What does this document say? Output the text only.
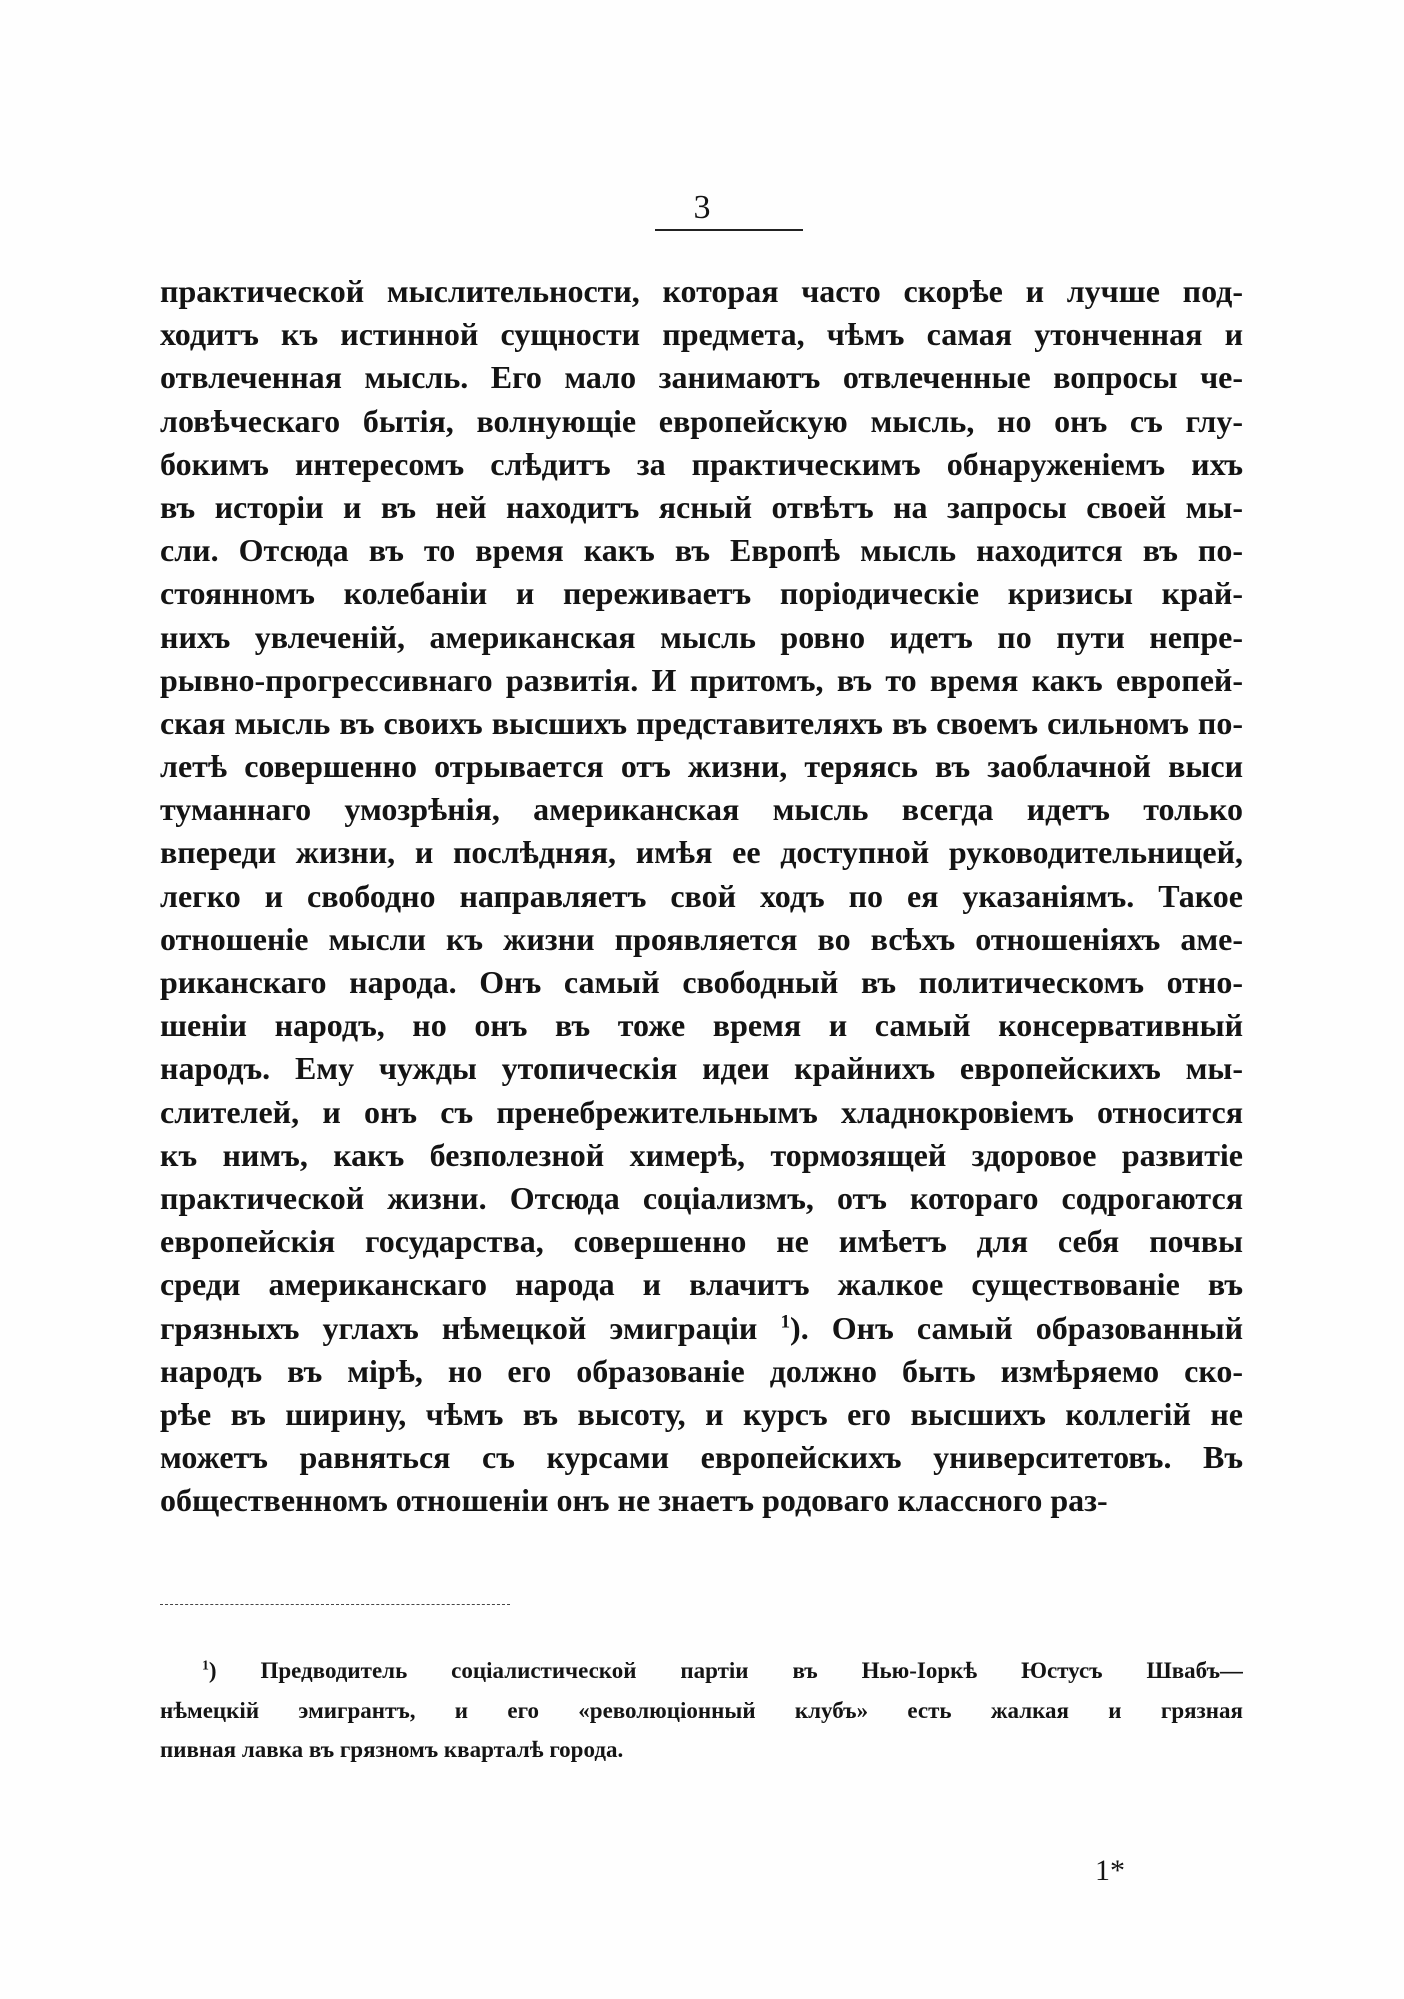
3
практической мыслительности, которая часто скорѣе и лучше под-
ходитъ къ истинной сущности предмета, чѣмъ самая утонченная и
отвлеченная мысль. Его мало занимаютъ отвлеченные вопросы че-
ловѣческаго бытія, волнующіе европейскую мысль, но онъ съ глу-
бокимъ интересомъ слѣдитъ за практическимъ обнаруженіемъ ихъ
въ исторіи и въ ней находитъ ясный отвѣтъ на запросы своей мы-
сли. Отсюда въ то время какъ въ Европѣ мысль находится въ по-
стоянномъ колебаніи и переживаетъ поріодическіе кризисы край-
нихъ увлеченій, американская мысль ровно идетъ по пути непре-
рывно-прогрессивнаго развитія. И притомъ, въ то время какъ европей-
ская мысль въ своихъ высшихъ представителяхъ въ своемъ сильномъ по-
летѣ совершенно отрывается отъ жизни, теряясь въ заоблачной выси
туманнаго умозрѣнія, американская мысль всегда идетъ только
впереди жизни, и послѣдняя, имѣя ее доступной руководительницей,
легко и свободно направляетъ свой ходъ по ея указаніямъ. Такое
отношеніе мысли къ жизни проявляется во всѣхъ отношеніяхъ аме-
риканскаго народа. Онъ самый свободный въ политическомъ отно-
шеніи народъ, но онъ въ тоже время и самый консервативный
народъ. Ему чужды утопическія идеи крайнихъ европейскихъ мы-
слителей, и онъ съ пренебрежительнымъ хладнокровіемъ относится
къ нимъ, какъ безполезной химерѣ, тормозящей здоровое развитіе
практической жизни. Отсюда соціализмъ, отъ котораго содрогаются
европейскія государства, совершенно не имѣетъ для себя почвы
среди американскаго народа и влачитъ жалкое существованіе въ
грязныхъ углахъ нѣмецкой эмиграціи $^1$). Онъ самый образованный
народъ въ мірѣ, но его образованіе должно быть измѣряемо ско-
рѣе въ ширину, чѣмъ въ высоту, и курсъ его высшихъ коллегій не
можетъ равняться съ курсами европейскихъ университетовъ. Въ
общественномъ отношеніи онъ не знаетъ родоваго классного раз-
$^1$) Предводитель соціалистической партіи въ Нью-Іоркѣ Юстусъ Швабъ—
нѣмецкій эмигрантъ, и его «революціонный клубъ» есть жалкая и грязная
пивная лавка въ грязномъ кварталѣ города.
1*
